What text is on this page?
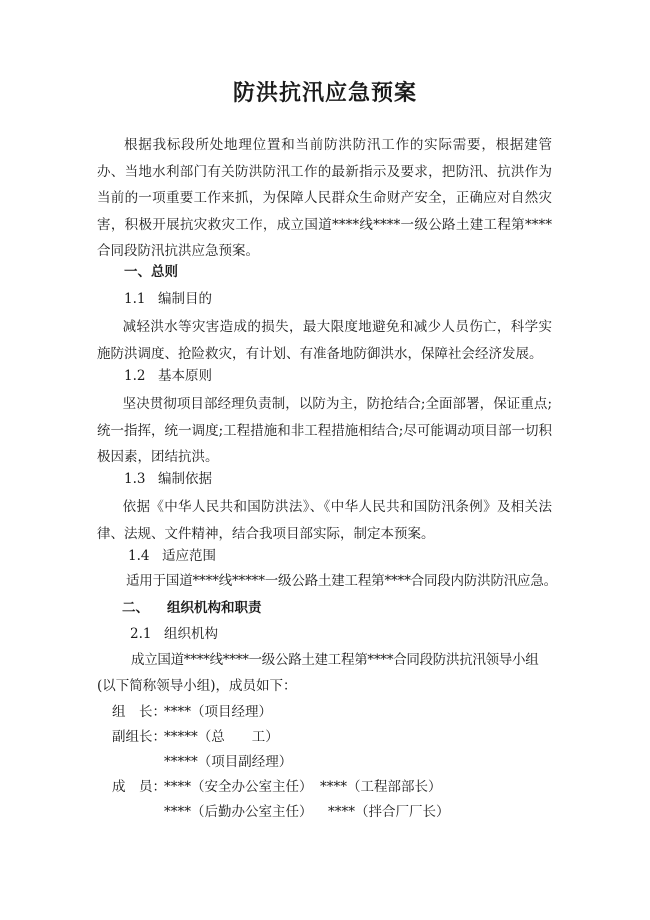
防洪抗汛应急预案
根据我标段所处地理位置和当前防洪防汛工作的实际需要，根据建管办、当地水利部门有关防洪防汛工作的最新指示及要求，把防汛、抗洪作为当前的一项重要工作来抓，为保障人民群众生命财产安全，正确应对自然灾害，积极开展抗灾救灾工作，成立国道****线****一级公路土建工程第****合同段防汛抗洪应急预案。
一、总则
1.1 编制目的
减轻洪水等灾害造成的损失，最大限度地避免和减少人员伤亡，科学实施防洪调度、抢险救灾，有计划、有准备地防御洪水，保障社会经济发展。
1.2 基本原则
坚决贯彻项目部经理负责制，以防为主，防抢结合;全面部署，保证重点;统一指挥，统一调度;工程措施和非工程措施相结合;尽可能调动项目部一切积极因素，团结抗洪。
1.3 编制依据
依据《中华人民共和国防洪法》、《中华人民共和国防汛条例》及相关法律、法规、文件精神，结合我项目部实际，制定本预案。
1.4 适应范围
适用于国道****线*****一级公路土建工程第****合同段内防洪防汛应急。
二、 组织机构和职责
2.1 组织机构
成立国道****线****一级公路土建工程第****合同段防洪抗汛领导小组
(以下简称领导小组)，成员如下：
组　长：
****（项目经理）
副组长：
*****（总　　工）
*****（项目副经理）
成　员：
****（安全办公室主任） ****（工程部部长）
****（后勤办公室主任） ****（拌合厂厂长）
